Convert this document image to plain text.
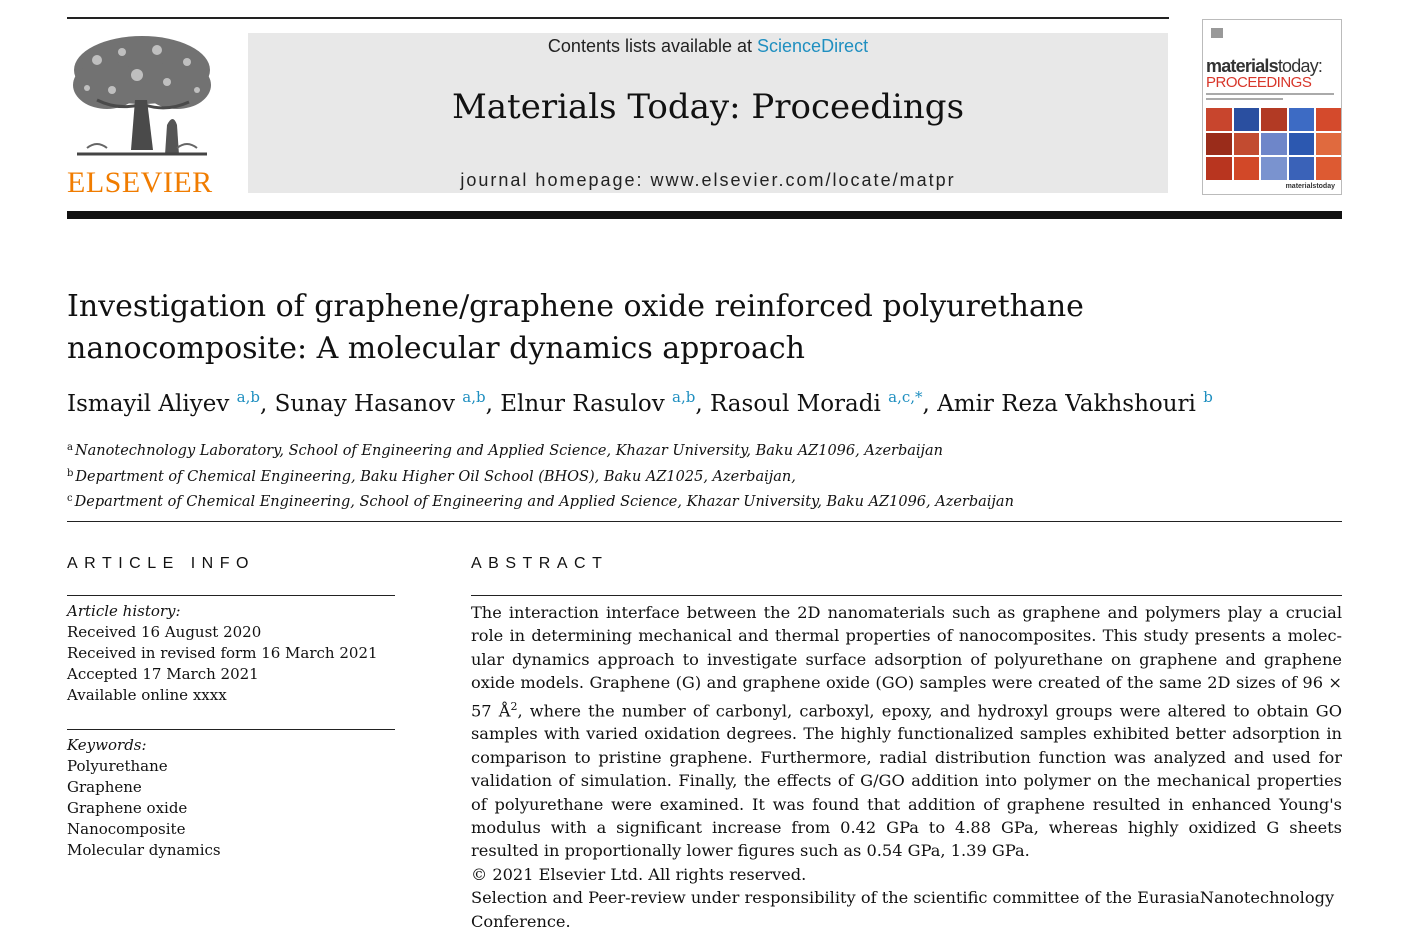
ELSEVIER
Contents lists available at ScienceDirect
Materials Today: Proceedings
journal homepage: www.elsevier.com/locate/matpr
materialstoday:
PROCEEDINGS
materialstoday
Investigation of graphene/graphene oxide reinforced polyurethane
nanocomposite: A molecular dynamics approach
Ismayil Aliyev $^{a,b}$, Sunay Hasanov $^{a,b}$, Elnur Rasulov $^{a,b}$, Rasoul Moradi $^{a,c,*}$, Amir Reza Vakhshouri $^b$
$^a$ Nanotechnology Laboratory, School of Engineering and Applied Science, Khazar University, Baku AZ1096, Azerbaijan
$^b$ Department of Chemical Engineering, Baku Higher Oil School (BHOS), Baku AZ1025, Azerbaijan,
$^c$ Department of Chemical Engineering, School of Engineering and Applied Science, Khazar University, Baku AZ1096, Azerbaijan
ARTICLE INFO	ABSTRACT
Article history:
Received 16 August 2020
Received in revised form 16 March 2021
Accepted 17 March 2021
Available online xxxx
Keywords:
Polyurethane
Graphene
Graphene oxide
Nanocomposite
Molecular dynamics

The interaction interface between the 2D nanomaterials such as graphene and polymers play a crucial role in determining mechanical and thermal properties of nanocomposites. This study presents a molec-ular dynamics approach to investigate surface adsorption of polyurethane on graphene and graphene oxide models. Graphene (G) and graphene oxide (GO) samples were created of the same 2D sizes of 96 × 57 $Å^2$, where the number of carbonyl, carboxyl, epoxy, and hydroxyl groups were altered to obtain GO samples with varied oxidation degrees. The highly functionalized samples exhibited better adsorption in comparison to pristine graphene. Furthermore, radial distribution function was analyzed and used for validation of simulation. Finally, the effects of G/GO addition into polymer on the mechanical properties of polyurethane were examined. It was found that addition of graphene resulted in enhanced Young's modulus with a significant increase from 0.42 GPa to 4.88 GPa, whereas highly oxidized G sheets resulted in proportionally lower figures such as 0.54 GPa, 1.39 GPa.

© 2021 Elsevier Ltd. All rights reserved.

Selection and Peer-review under responsibility of the scientific committee of the EurasiaNanotechnology Conference.
